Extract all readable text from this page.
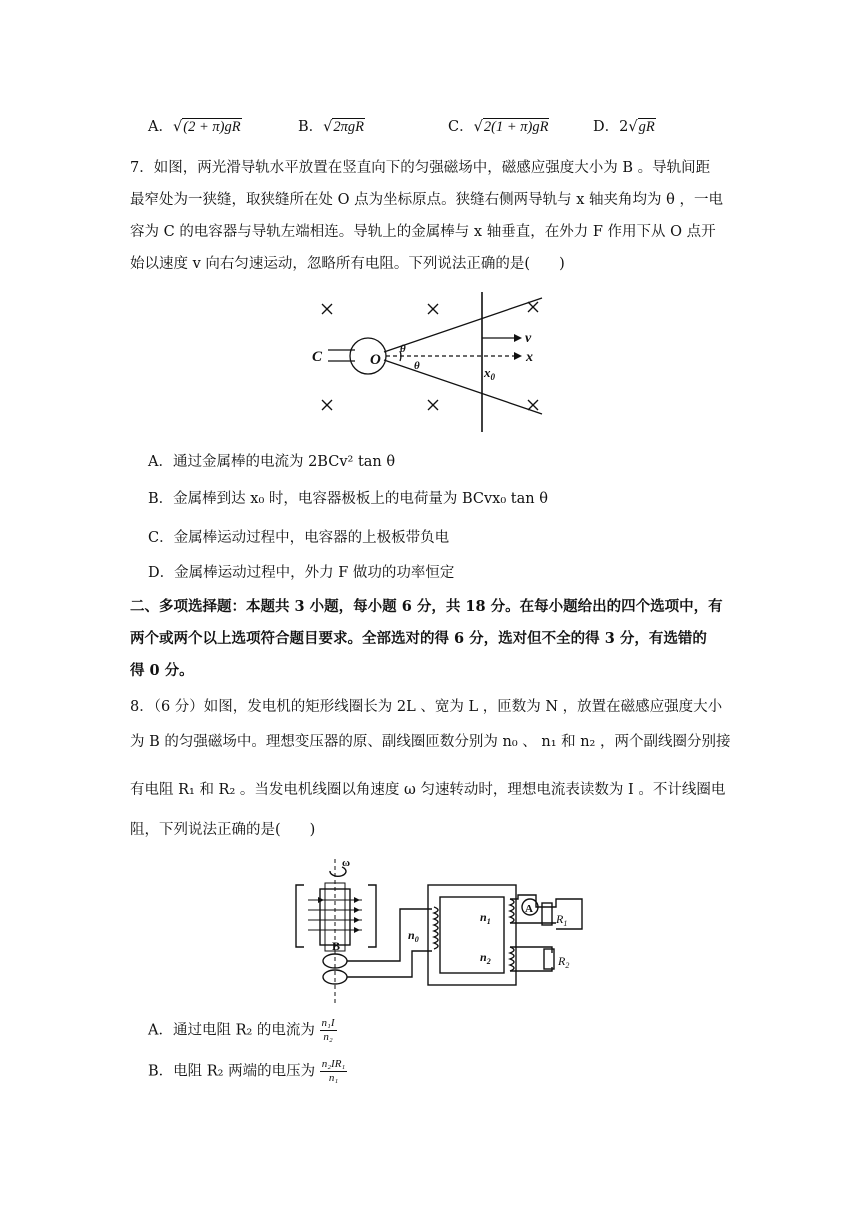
A．√(2 + π)gR	B．√2πgR	C．√2(1 + π)gR	D．2√gR
7．如图，两光滑导轨水平放置在竖直向下的匀强磁场中，磁感应强度大小为 B 。导轨间距
最窄处为一狭缝，取狭缝所在处 O 点为坐标原点。狭缝右侧两导轨与 x 轴夹角均为 θ ，一电
容为 C 的电容器与导轨左端相连。导轨上的金属棒与 x 轴垂直，在外力 F 作用下从 O 点开
始以速度 v 向右匀速运动，忽略所有电阻。下列说法正确的是(　　)
C	O
θ
θ
v
x
$x_0$
A．通过金属棒的电流为 2BCv² tan θ
B．金属棒到达 x₀ 时，电容器极板上的电荷量为 BCvx₀ tan θ
C．金属棒运动过程中，电容器的上极板带负电
D．金属棒运动过程中，外力 F 做功的功率恒定
二、多项选择题：本题共 3 小题，每小题 6 分，共 18 分。在每小题给出的四个选项中，有
两个或两个以上选项符合题目要求。全部选对的得 6 分，选对但不全的得 3 分，有选错的
得 0 分。
8．（6 分）如图，发电机的矩形线圈长为 2L 、宽为 L ，匝数为 N ，放置在磁感应强度大小
为 B 的匀强磁场中。理想变压器的原、副线圈匝数分别为 n₀ 、 n₁ 和 n₂ ，两个副线圈分别接
有电阻 R₁ 和 R₂ 。当发电机线圈以角速度 ω 匀速转动时，理想电流表读数为 I 。不计线圈电
阻，下列说法正确的是(　　)
ω
B
$n_0$
$n_1$
$n_2$
A
$R_1$
$R_2$
A．通过电阻 R₂ 的电流为 $\frac{\text{n₁I}}{\text{n₂}}$
B．电阻 R₂ 两端的电压为 $\frac{\text{n₂IR₁}}{\text{n₁}}$
